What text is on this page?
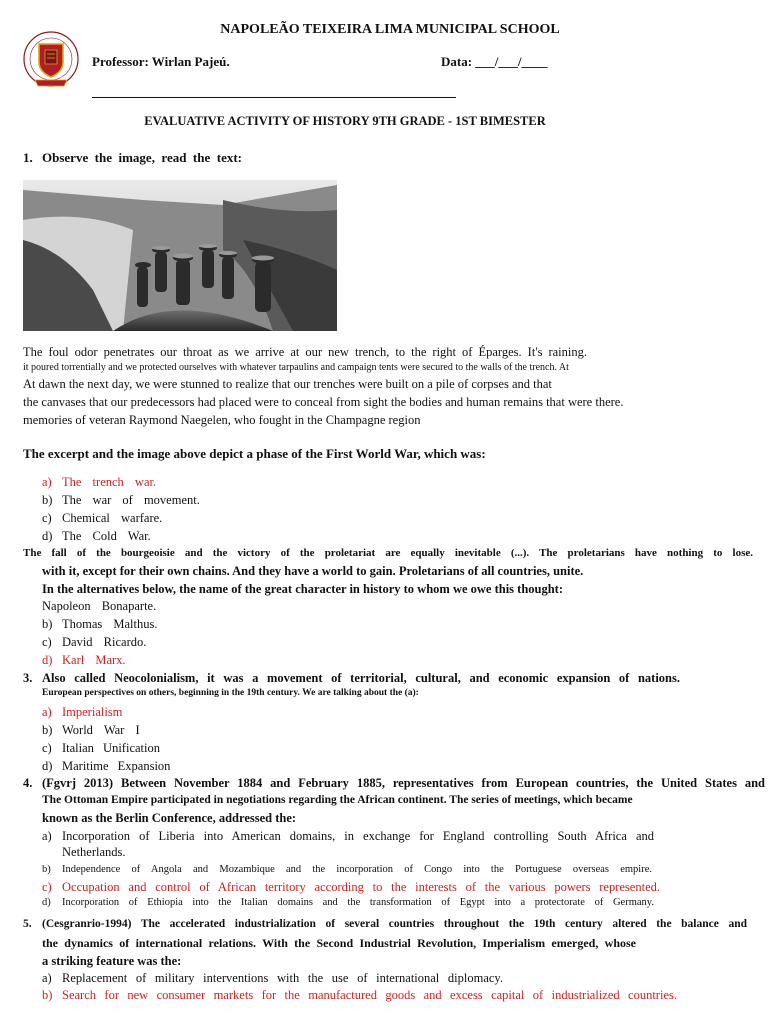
NAPOLEÃO TEIXEIRA LIMA MUNICIPAL SCHOOL
Professor: Wirlan Pajeú.	Data: ___/___/____
EVALUATIVE ACTIVITY OF HISTORY 9TH GRADE - 1ST BIMESTER
1. Observe the image, read the text:
The foul odor penetrates our throat as we arrive at our new trench, to the right of Éparges. It's raining.
it poured torrentially and we protected ourselves with whatever tarpaulins and campaign tents were secured to the walls of the trench. At
At dawn the next day, we were stunned to realize that our trenches were built on a pile of corpses and that
the canvases that our predecessors had placed were to conceal from sight the bodies and human remains that were there.
memories of veteran Raymond Naegelen, who fought in the Champagne region
The excerpt and the image above depict a phase of the First World War, which was:
a) The trench war.
b) The war of movement.
c) Chemical warfare.
d) The Cold War.
The fall of the bourgeoisie and the victory of the proletariat are equally inevitable (...). The proletarians have nothing to lose.
with it, except for their own chains. And they have a world to gain. Proletarians of all countries, unite.
In the alternatives below, the name of the great character in history to whom we owe this thought:
Napoleon Bonaparte.
b) Thomas Malthus.
c) David Ricardo.
d) Karl Marx.
3. Also called Neocolonialism, it was a movement of territorial, cultural, and economic expansion of nations.
European perspectives on others, beginning in the 19th century. We are talking about the (a):
a) Imperialism
b) World War I
c) Italian Unification
d) Maritime Expansion
4. (Fgvrj 2013) Between November 1884 and February 1885, representatives from European countries, the United States and
The Ottoman Empire participated in negotiations regarding the African continent. The series of meetings, which became
known as the Berlin Conference, addressed the:
a) Incorporation of Liberia into American domains, in exchange for England controlling South Africa and
Netherlands.
b)	Independence of Angola and Mozambique and the incorporation of Congo into the Portuguese overseas empire.
c) Occupation and control of African territory according to the interests of the various powers represented.
d)	Incorporation of Ethiopia into the Italian domains and the transformation of Egypt into a protectorate of Germany.
5. (Cesgranrio-1994) The accelerated industrialization of several countries throughout the 19th century altered the balance and
the dynamics of international relations. With the Second Industrial Revolution, Imperialism emerged, whose
a striking feature was the:
a) Replacement of military interventions with the use of international diplomacy.
b) Search for new consumer markets for the manufactured goods and excess capital of industrialized countries.
